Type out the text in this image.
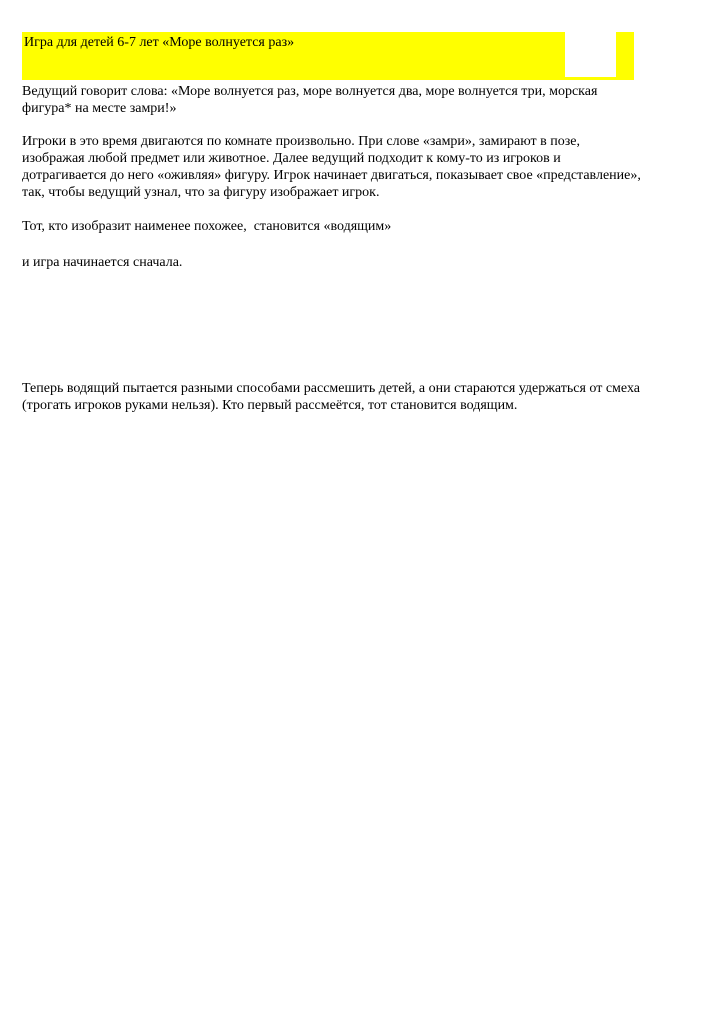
Игра для детей 6-7 лет «Море волнуется раз»

Ведущий говорит слова: «Море волнуется раз, море волнуется два, море волнуется три, морская фигура* на месте замри!»

Игроки в это время двигаются по комнате произвольно. При слове «замри», замирают в позе, изображая любой предмет или животное. Далее ведущий подходит к кому-то из игроков и дотрагивается до него «оживляя» фигуру. Игрок начинает двигаться, показывает свое «представление», так, чтобы ведущий узнал, что за фигуру изображает игрок.

Тот, кто изобразит наименее похожее,  становится «водящим»

и игра начинается сначала.

Теперь водящий пытается разными способами рассмешить детей, а они стараются удержаться от смеха (трогать игроков руками нельзя). Кто первый рассмеётся, тот становится водящим.
